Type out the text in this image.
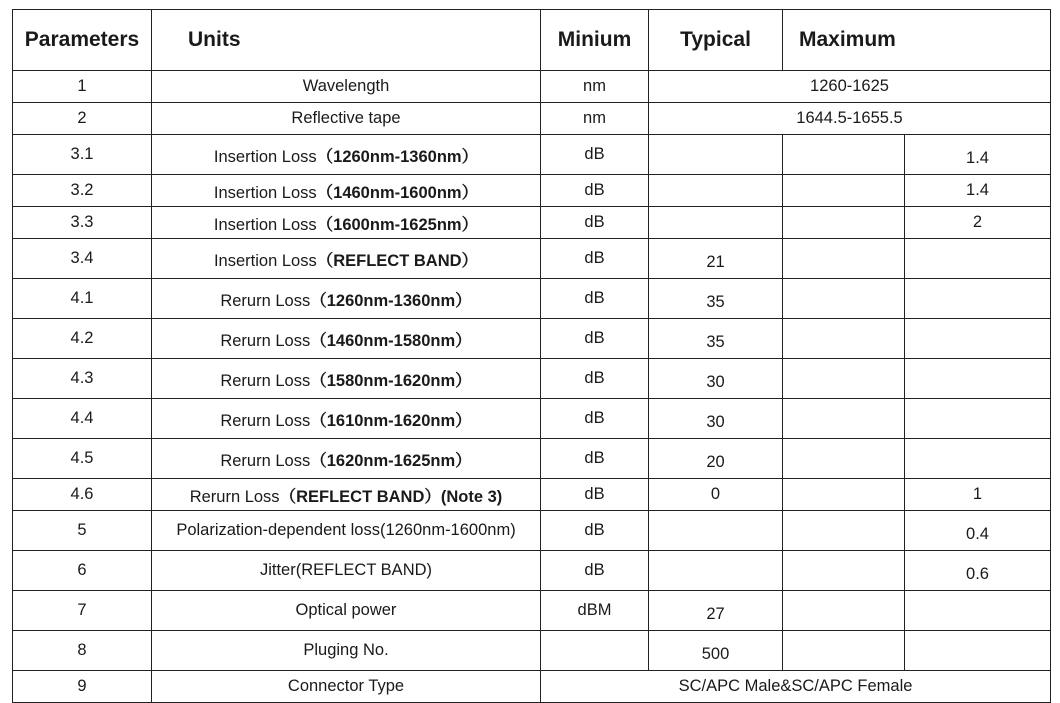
Parameters	Units	Minium	Typical	Maximum	
1	Wavelength	nm	1260-1625		
2	Reflective tape	nm	1644.5-1655.5		
3.1	Insertion Loss（1260nm-1360nm）	dB			1.4
3.2	Insertion Loss（1460nm-1600nm）	dB			1.4
3.3	Insertion Loss（1600nm-1625nm）	dB			2
3.4	Insertion Loss（REFLECT BAND）	dB	21		
4.1	Rerurn Loss（1260nm-1360nm）	dB	35		
4.2	Rerurn Loss（1460nm-1580nm）	dB	35		
4.3	Rerurn Loss（1580nm-1620nm）	dB	30		
4.4	Rerurn Loss（1610nm-1620nm）	dB	30		
4.5	Rerurn Loss（1620nm-1625nm）	dB	20		
4.6	Rerurn Loss（REFLECT BAND）(Note 3)	dB	0		1
5	Polarization-dependent loss(1260nm-1600nm)	dB			0.4
6	Jitter(REFLECT BAND)	dB			0.6
7	Optical power	dBM	27		
8	Pluging No.		500		
9	Connector Type	SC/APC Male&SC/APC Female			
